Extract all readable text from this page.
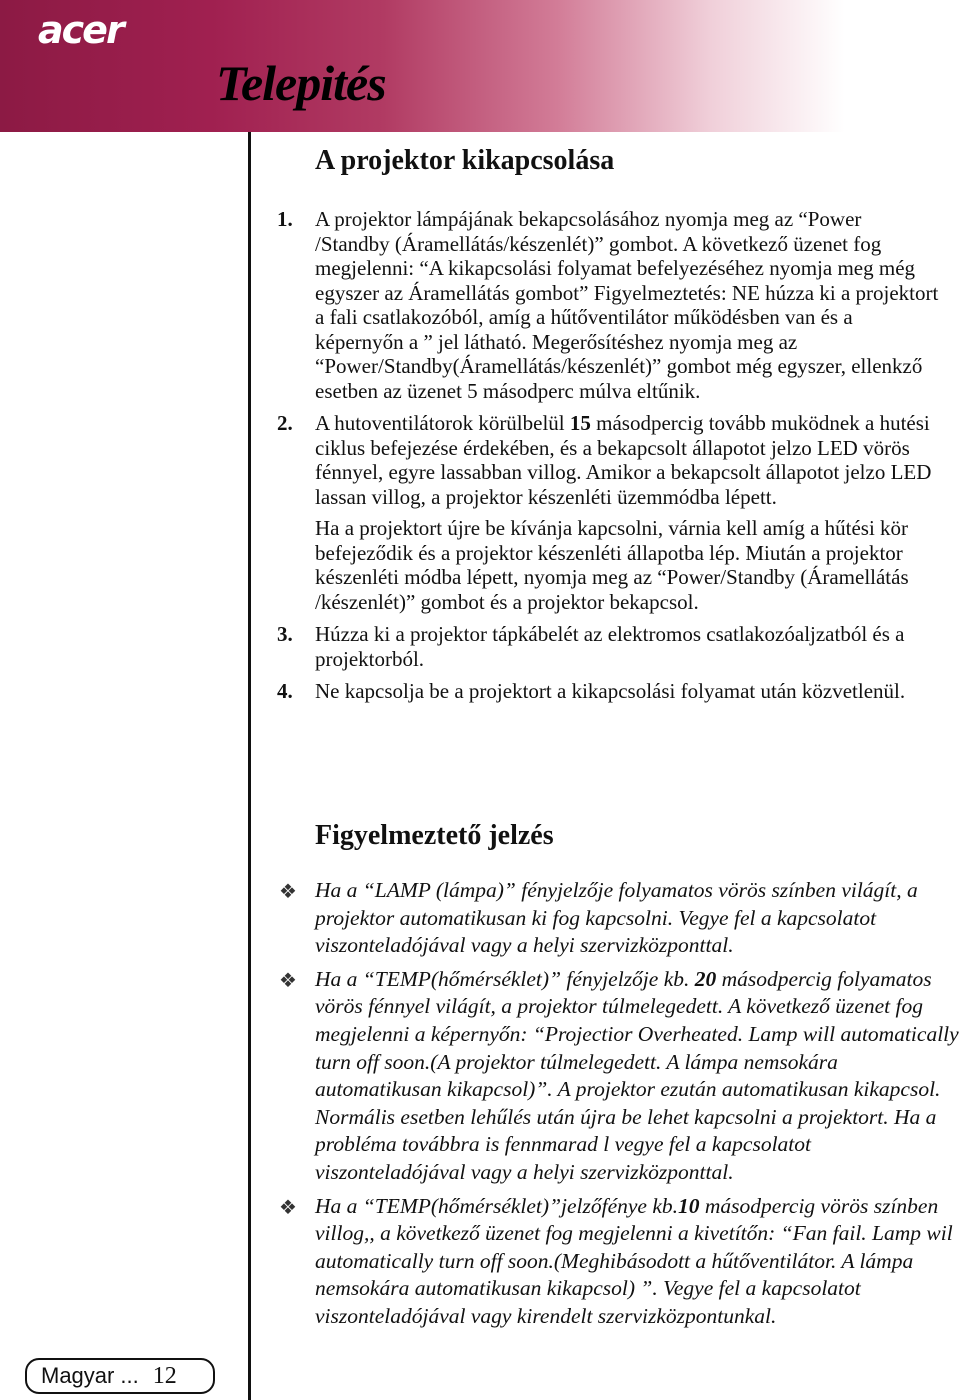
acer
Telepités
A projektor kikapcsolása
1. A projektor lámpájának bekapcsolásához nyomja meg az “Power /Standby (Áramellátás/készenlét)” gombot. A következő üzenet fog megjelenni: “A kikapcsolási folyamat befelyezéséhez nyomja meg még egyszer az Áramellátás gombot” Figyelmeztetés: NE húzza ki a projektort a fali csatlakozóból, amíg a hűtőventilátor működésben van és a képernyőn a ” jel látható. Megerősítéshez nyomja meg az “Power/Standby(Áramellátás/készenlét)” gombot még egyszer, ellenkző esetben az üzenet 5 másodperc múlva eltűnik.

2. A hutoventilátorok körülbelül 15 másodpercig tovább muködnek a hutési ciklus befejezése érdekében, és a bekapcsolt állapotot jelzo LED vörös fénnyel, egyre lassabban villog. Amikor a bekapcsolt állapotot jelzo LED lassan villog, a projektor készenléti üzemmódba lépett.

Ha a projektort újre be kívánja kapcsolni, várnia kell amíg a hűtési kör befejeződik és a projektor készenléti állapotba lép. Miután a projektor készenléti módba lépett, nyomja meg az “Power/Standby (Áramellátás /készenlét)” gombot és a projektor bekapcsol.

3. Húzza ki a projektor tápkábelét az elektromos csatlakozóaljzatból és a projektorból.

4. Ne kapcsolja be a projektort a kikapcsolási folyamat után közvetlenül.

Figyelmeztető jelzés
❖ Ha a “LAMP (lámpa)” fényjelzője folyamatos vörös színben világít, a projektor automatikusan ki fog kapcsolni. Vegye fel a kapcsolatot viszonteladójával vagy a helyi szervizközponttal.

❖ Ha a “TEMP(hőmérséklet)” fényjelzője kb. 20 másodpercig folyamatos vörös fénnyel világít, a projektor túlmelegedett. A következő üzenet fog megjelenni a képernyőn: “Projectior Overheated. Lamp will automatically turn off soon.(A projektor túlmelegedett. A lámpa nemsokára automatikusan kikapcsol)”. A projektor ezután automatikusan kikapcsol.

Normális esetben lehűlés után újra be lehet kapcsolni a projektort. Ha a probléma továbbra is fennmarad l vegye fel a kapcsolatot viszonteladójával vagy a helyi szervizközponttal.

❖ Ha a “TEMP(hőmérséklet)”jelzőfénye kb.10 másodpercig vörös színben villog,, a következő üzenet fog megjelenni a kivetítőn: “Fan fail. Lamp wil automatically turn off soon.(Meghibásodott a hűtőventilátor. A lámpa nemsokára automatikusan kikapcsol) ”. Vegye fel a kapcsolatot viszonteladójával vagy kirendelt szervizközpontunkal.

Magyar ... 12
